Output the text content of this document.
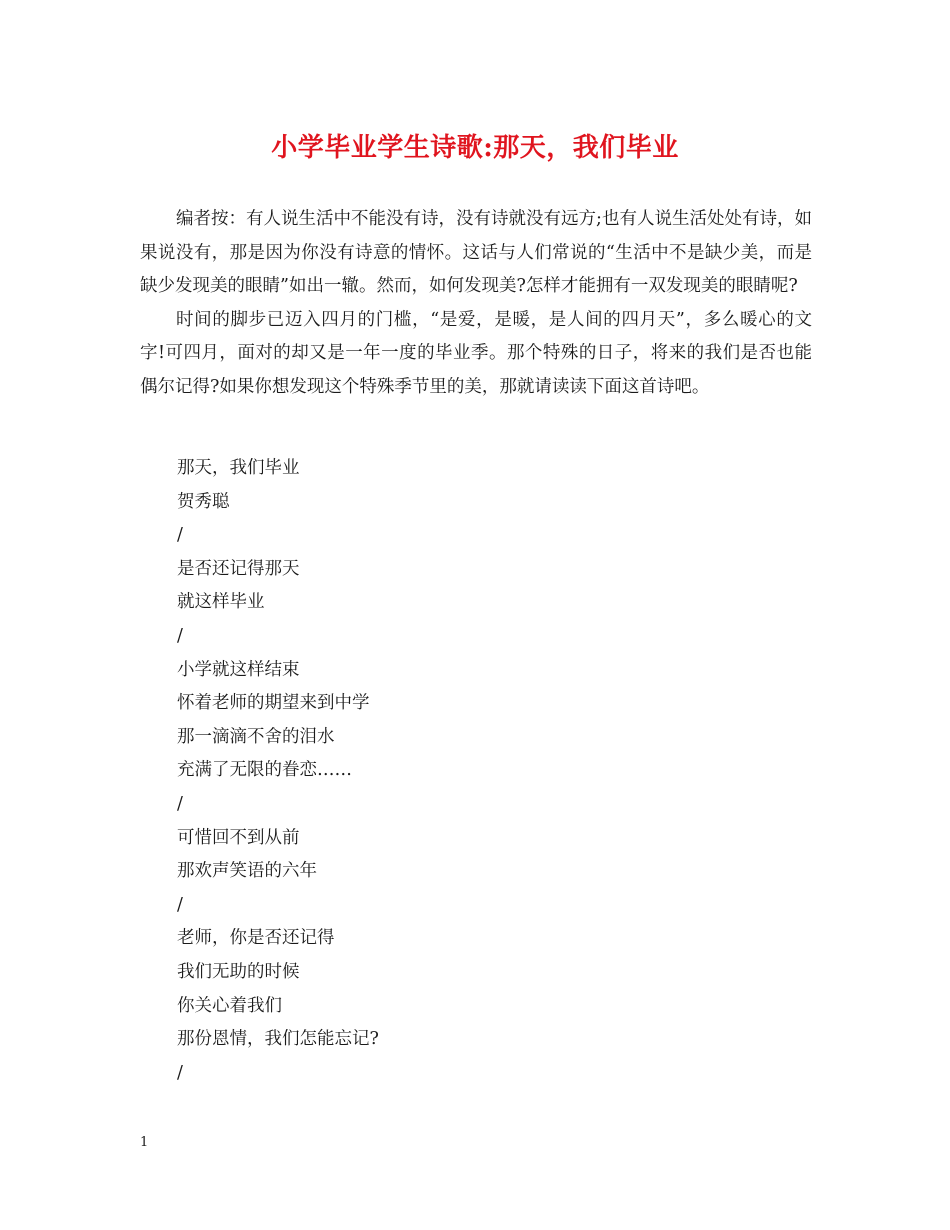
小学毕业学生诗歌:那天，我们毕业

编者按：有人说生活中不能没有诗，没有诗就没有远方;也有人说生活处处有诗，如果说没有，那是因为你没有诗意的情怀。这话与人们常说的“生活中不是缺少美，而是缺少发现美的眼睛”如出一辙。然而，如何发现美?怎样才能拥有一双发现美的眼睛呢?

时间的脚步已迈入四月的门槛，“是爱，是暖，是人间的四月天”，多么暖心的文字!可四月，面对的却又是一年一度的毕业季。那个特殊的日子，将来的我们是否也能偶尔记得?如果你想发现这个特殊季节里的美，那就请读读下面这首诗吧。

那天，我们毕业
贺秀聪
/
是否还记得那天
就这样毕业
/
小学就这样结束
怀着老师的期望来到中学
那一滴滴不舍的泪水
充满了无限的眷恋……
/
可惜回不到从前
那欢声笑语的六年
/
老师，你是否还记得
我们无助的时候
你关心着我们
那份恩情，我们怎能忘记?
/
1
